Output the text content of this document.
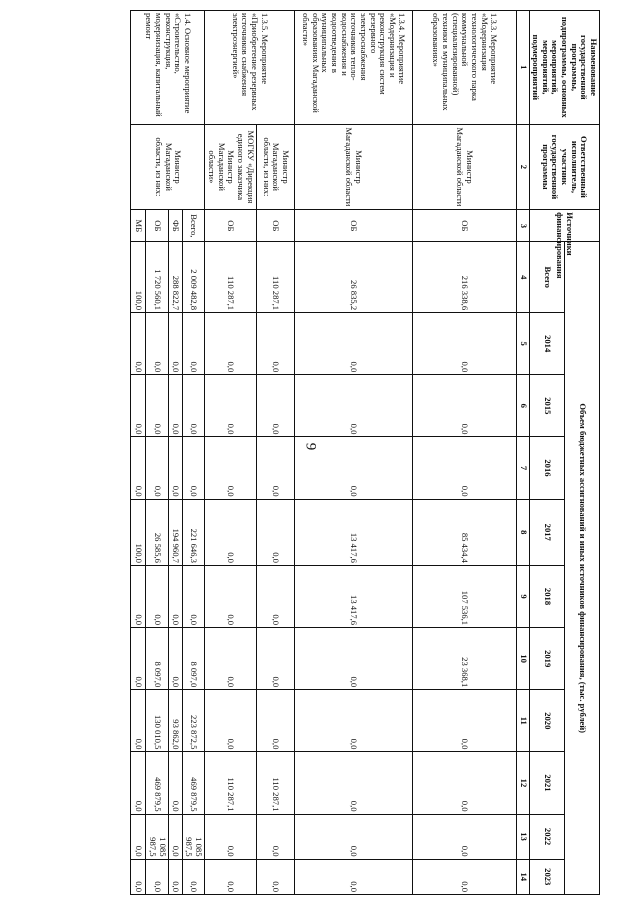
9
Наименование государственной программы, подпрограммы, основных мероприятий, мероприятий, подмероприятий	Ответственный исполнитель, участник государственной программы	Источники финансирования	Объем бюджетных ассигнований и иных источников финансирования, (тыс. рублей)										
			Всего	2014	2015	2016	2017	2018	2019	2020	2021	2022	2023
1	2	3	4	5	6	7	8	9	10	11	12	13	14
1.3.3. Мероприятие «Модернизация технологического парка коммунальной (специализированной) техники в муниципальных образованиях»	Министр Магаданской области	ОБ	216 338,6	0,0	0,0	0,0	85 434,4	107 536,1	23 368,1	0,0	0,0	0,0	0,0
1.3.4. Мероприятие «Модернизация и реконструкция систем резервного электроснабжения источников тепло-водоснабжения и водоотведения в муниципальных образованиях Магаданской области»	Министр Магаданской области	ОБ	26 835,2	0,0	0,0	0,0	13 417,6	13 417,6	0,0	0,0	0,0	0,0	0,0
1.3.5. Мероприятие «Приобретение резервных источников снабжения электроэнергией»	Министр Магаданской области, из них:	ОБ	110 287,1	0,0	0,0	0,0	0,0	0,0	0,0	0,0	110 287,1	0,0	0,0
	МОГКУ «Дирекция единого заказчика Министр Магаданской области»	ОБ	110 287,1	0,0	0,0	0,0	0,0	0,0	0,0	0,0	110 287,1	0,0	0,0
1.4. Основное мероприятие «Строительство, реконструкция, модернизация, капитальный ремонт	Министр Магаданской области, из них:	Всего,	2 009 482,8	0,0	0,0	0,0	221 646,3	0,0	8 097,0	223 872,5	469 879,5	1 085 987,5	0,0
		ФБ	288 822,7	0,0	0,0	0,0	194 960,7	0,0	0,0	93 862,0	0,0	0,0	0,0
		ОБ	1 720 560,1	0,0	0,0	0,0	26 585,6	0,0	8 097,0	130 010,5	469 879,5	1 085 987,5	0,0
		МБ	100,0	0,0	0,0	0,0	100,0	0,0	0,0	0,0	0,0	0,0	0,0
